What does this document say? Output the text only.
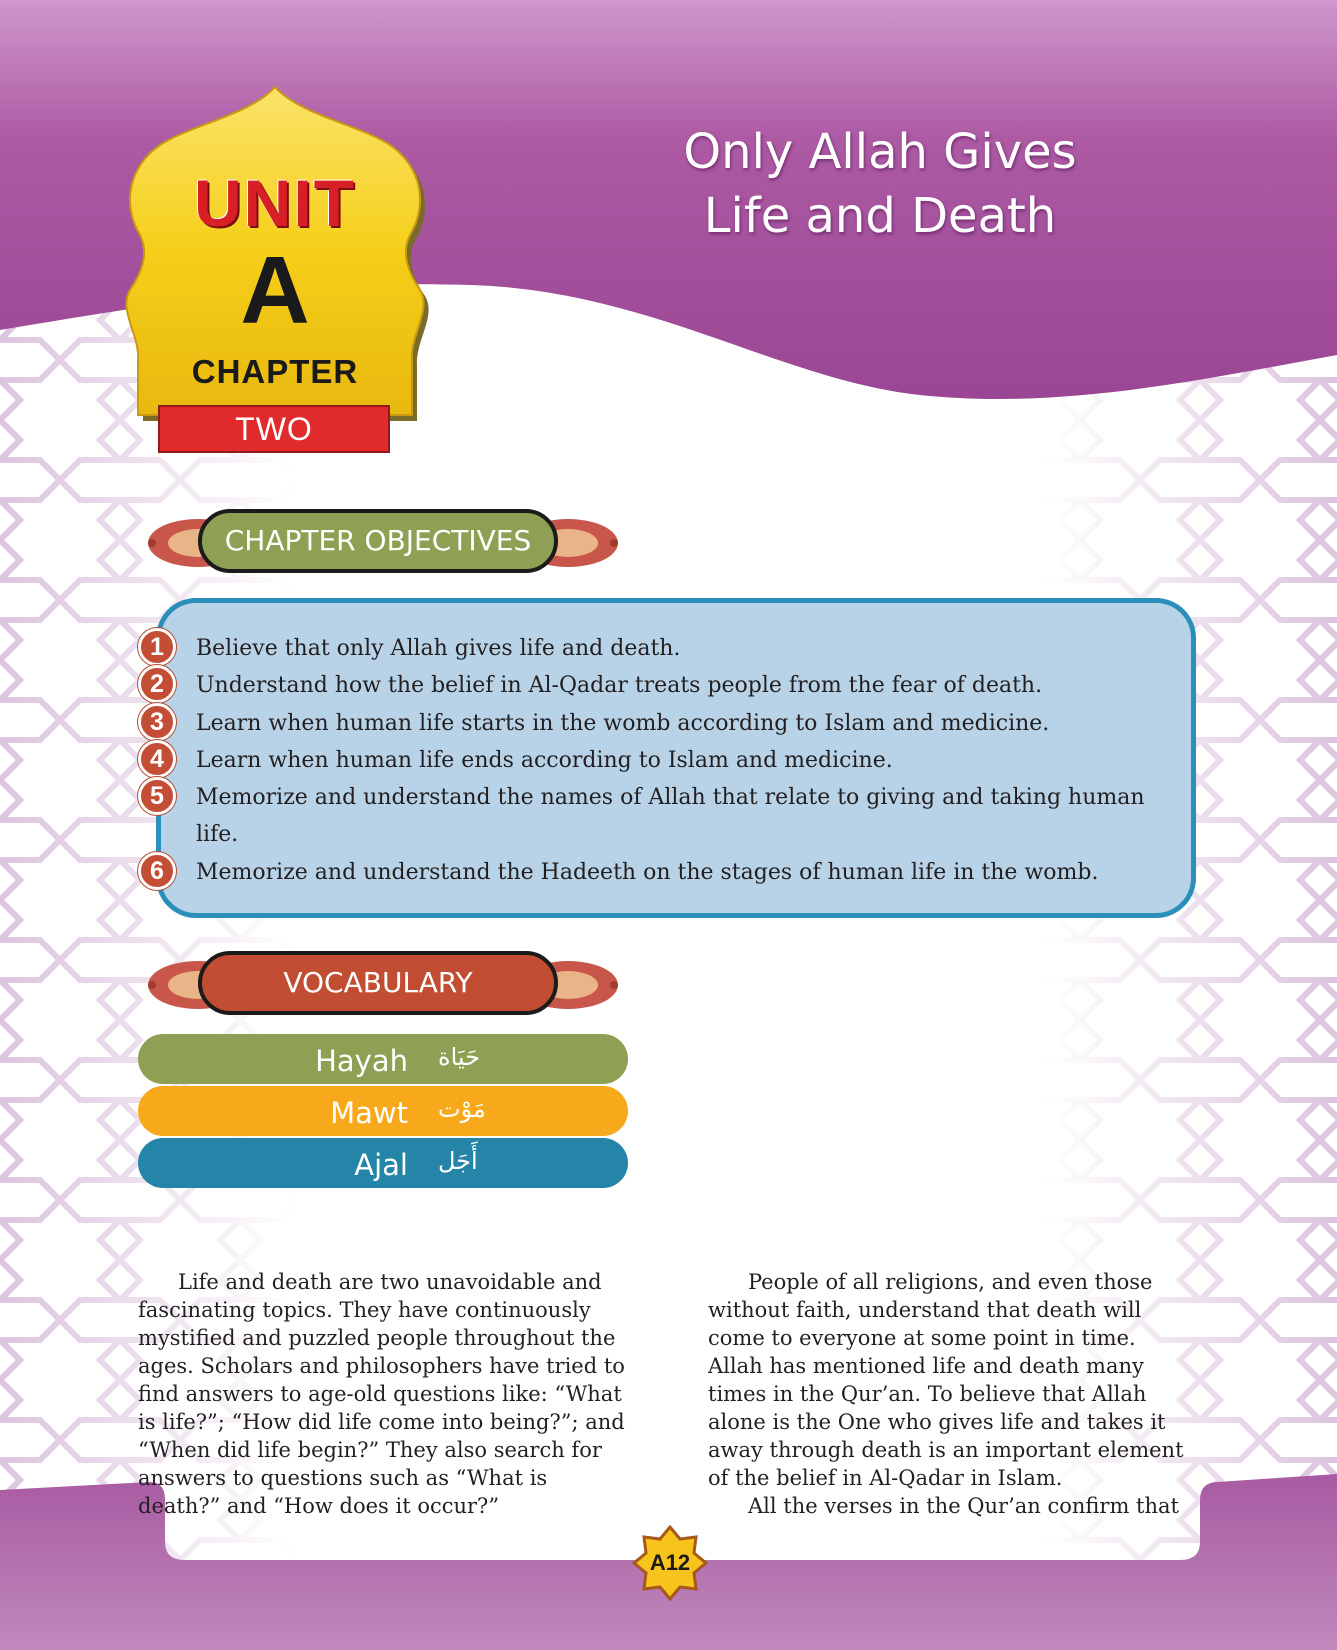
UNIT
A
CHAPTER
TWO
Only Allah Gives
Life and Death
CHAPTER OBJECTIVES
1	Believe that only Allah gives life and death.
2	Understand how the belief in Al-Qadar treats people from the fear of death.
3	Learn when human life starts in the womb according to Islam and medicine.
4	Learn when human life ends according to Islam and medicine.
5	Memorize and understand the names of Allah that relate to giving and taking human life.
6	Memorize and understand the Hadeeth on the stages of human life in the womb.
VOCABULARY
Hayah حَيَاة
Mawt مَوْت
Ajal أَجَل

Life and death are two unavoidable and fascinating topics. They have continuously mystified and puzzled people throughout the ages. Scholars and philosophers have tried to find answers to age-old questions like: “What is life?”; “How did life come into being?”; and “When did life begin?” They also search for answers to questions such as “What is death?” and “How does it occur?”

People of all religions, and even those without faith, understand that death will come to everyone at some point in time. Allah has mentioned life and death many times in the Qur’an. To believe that Allah alone is the One who gives life and takes it away through death is an important element of the belief in Al-Qadar in Islam.

All the verses in the Qur’an confirm that

A12
